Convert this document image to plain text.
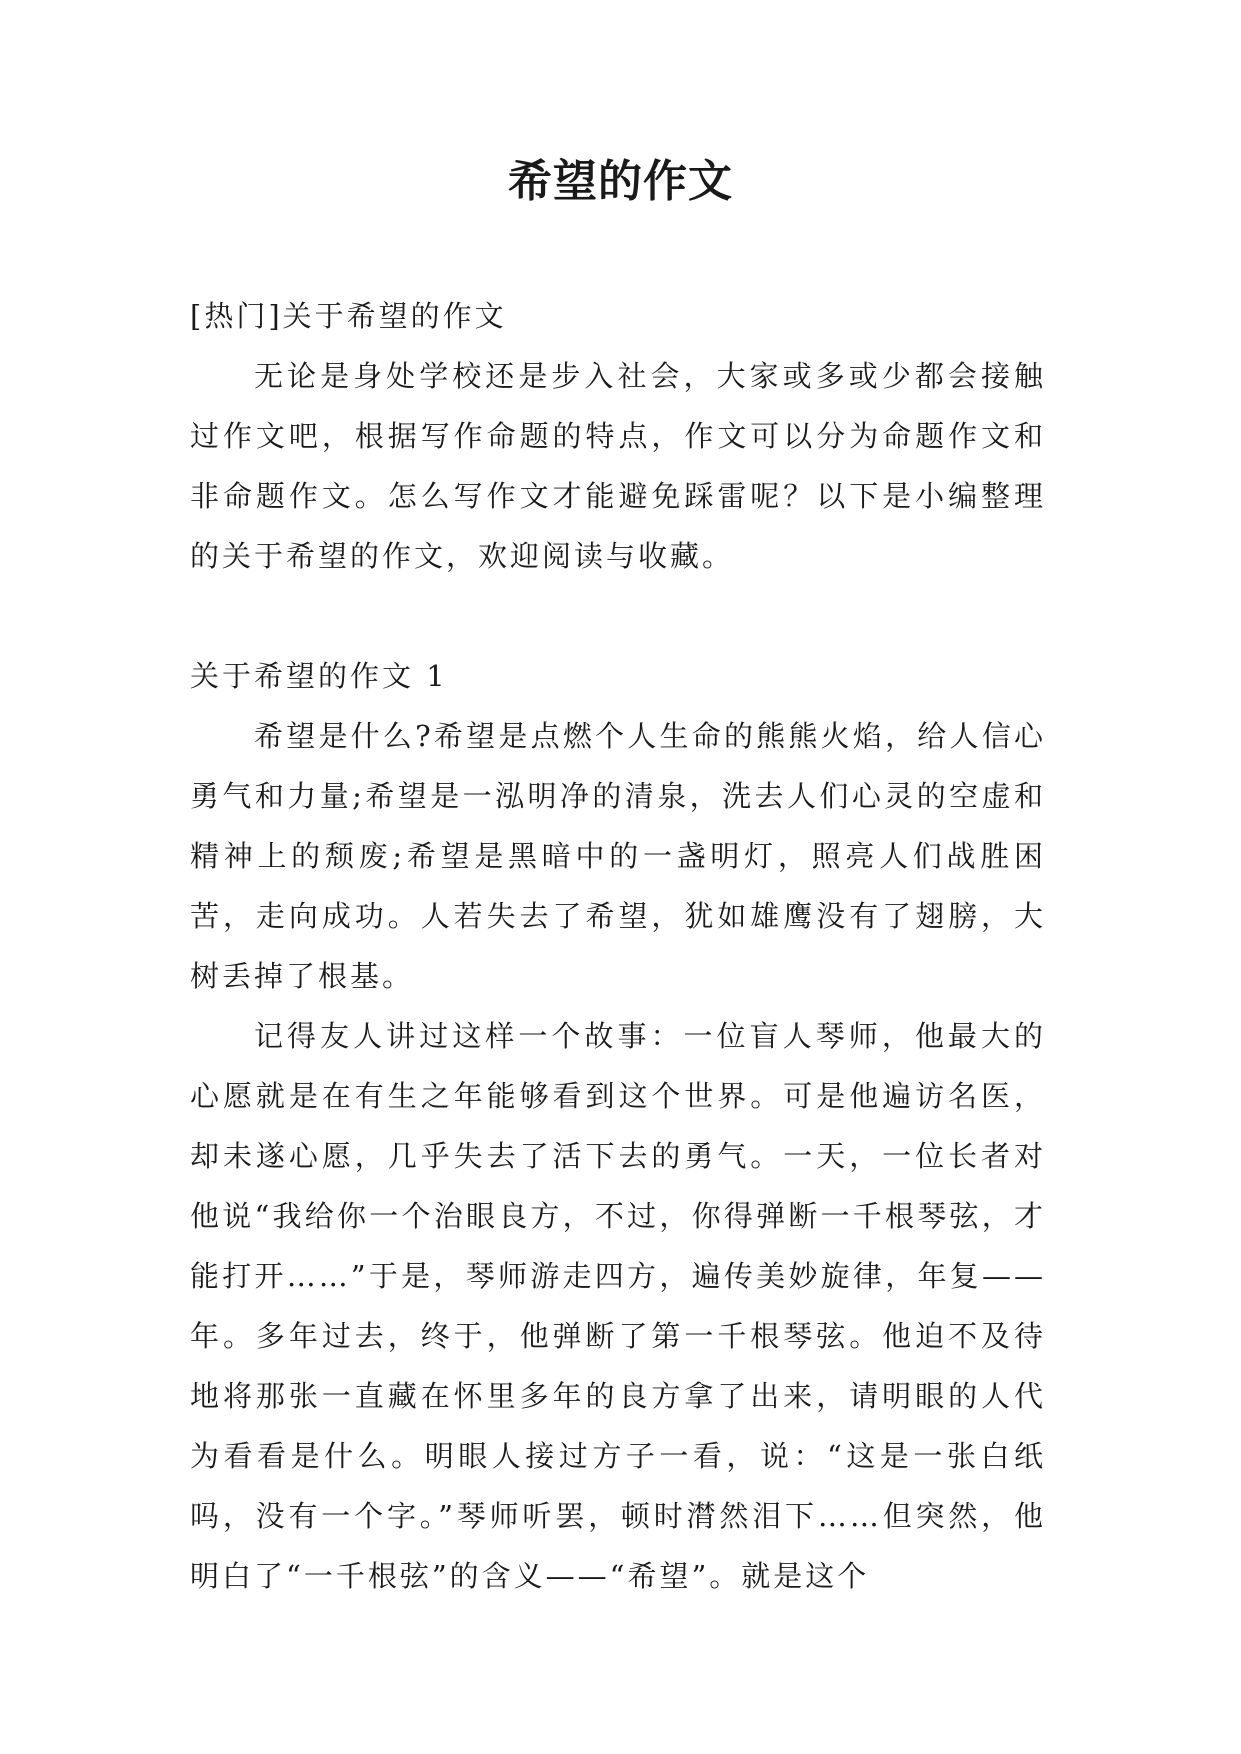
希望的作文

[热门]关于希望的作文

无论是身处学校还是步入社会，大家或多或少都会接触过作文吧，根据写作命题的特点，作文可以分为命题作文和非命题作文。怎么写作文才能避免踩雷呢？以下是小编整理的关于希望的作文，欢迎阅读与收藏。

关于希望的作文 1

希望是什么?希望是点燃个人生命的熊熊火焰，给人信心勇气和力量;希望是一泓明净的清泉，洗去人们心灵的空虚和精神上的颓废;希望是黑暗中的一盏明灯，照亮人们战胜困苦，走向成功。人若失去了希望，犹如雄鹰没有了翅膀，大树丢掉了根基。

记得友人讲过这样一个故事：一位盲人琴师，他最大的心愿就是在有生之年能够看到这个世界。可是他遍访名医，却未遂心愿，几乎失去了活下去的勇气。一天，一位长者对他说“我给你一个治眼良方，不过，你得弹断一千根琴弦，才能打开……”于是，琴师游走四方，遍传美妙旋律，年复——年。多年过去，终于，他弹断了第一千根琴弦。他迫不及待地将那张一直藏在怀里多年的良方拿了出来，请明眼的人代为看看是什么。明眼人接过方子一看，说：“这是一张白纸吗，没有一个字。”琴师听罢，顿时潸然泪下……但突然，他明白了“一千根弦”的含义——“希望”。就是这个
